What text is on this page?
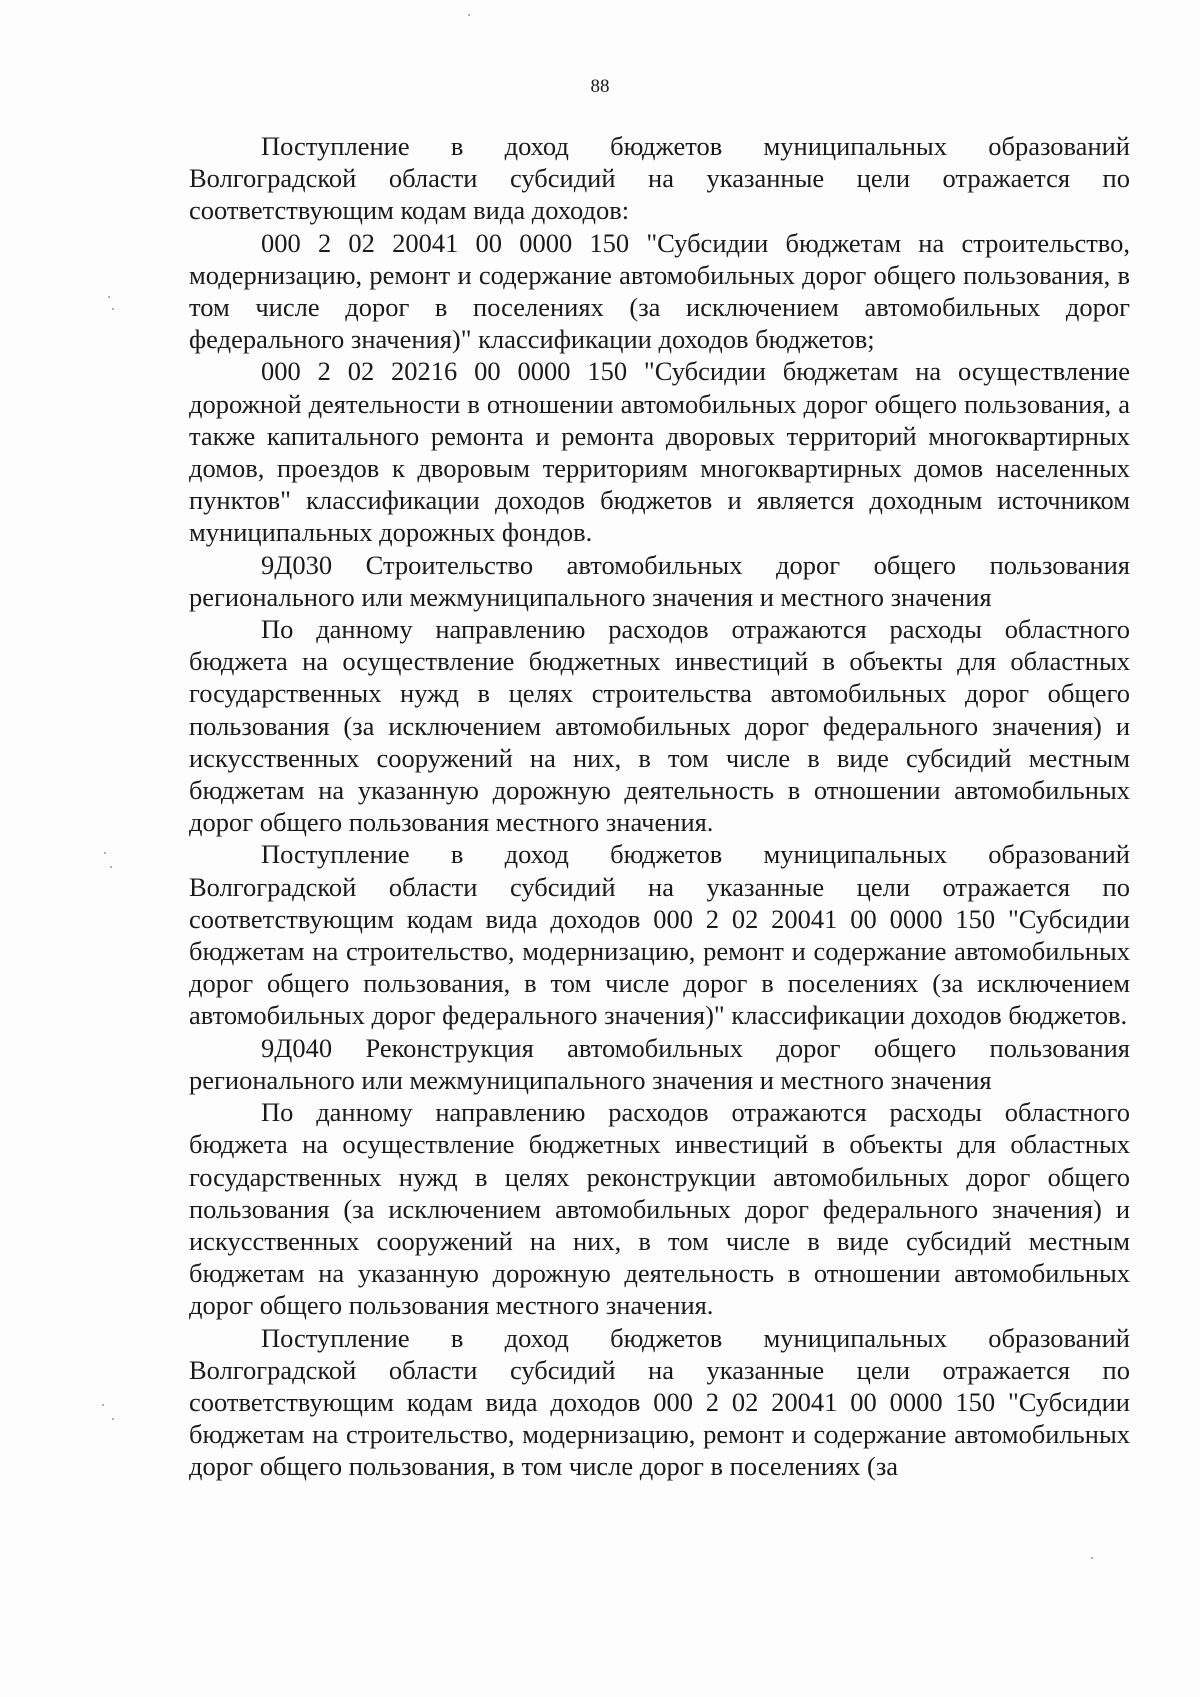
88

Поступление в доход бюджетов муниципальных образований Волгоградской области субсидий на указанные цели отражается по соответствующим кодам вида доходов:

000 2 02 20041 00 0000 150 "Субсидии бюджетам на строительство, модернизацию, ремонт и содержание автомобильных дорог общего пользования, в том числе дорог в поселениях (за исключением автомобильных дорог федерального значения)" классификации доходов бюджетов;

000 2 02 20216 00 0000 150 "Субсидии бюджетам на осуществление дорожной деятельности в отношении автомобильных дорог общего пользования, а также капитального ремонта и ремонта дворовых территорий многоквартирных домов, проездов к дворовым территориям многоквартирных домов населенных пунктов" классификации доходов бюджетов и является доходным источником муниципальных дорожных фондов.

9Д030 Строительство автомобильных дорог общего пользования регионального или межмуниципального значения и местного значения

По данному направлению расходов отражаются расходы областного бюджета на осуществление бюджетных инвестиций в объекты для областных государственных нужд в целях строительства автомобильных дорог общего пользования (за исключением автомобильных дорог федерального значения) и искусственных сооружений на них, в том числе в виде субсидий местным бюджетам на указанную дорожную деятельность в отношении автомобильных дорог общего пользования местного значения.

Поступление в доход бюджетов муниципальных образований Волгоградской области субсидий на указанные цели отражается по соответствующим кодам вида доходов 000 2 02 20041 00 0000 150 "Субсидии бюджетам на строительство, модернизацию, ремонт и содержание автомобильных дорог общего пользования, в том числе дорог в поселениях (за исключением автомобильных дорог федерального значения)" классификации доходов бюджетов.

9Д040 Реконструкция автомобильных дорог общего пользования регионального или межмуниципального значения и местного значения

По данному направлению расходов отражаются расходы областного бюджета на осуществление бюджетных инвестиций в объекты для областных государственных нужд в целях реконструкции автомобильных дорог общего пользования (за исключением автомобильных дорог федерального значения) и искусственных сооружений на них, в том числе в виде субсидий местным бюджетам на указанную дорожную деятельность в отношении автомобильных дорог общего пользования местного значения.

Поступление в доход бюджетов муниципальных образований Волгоградской области субсидий на указанные цели отражается по соответствующим кодам вида доходов 000 2 02 20041 00 0000 150 "Субсидии бюджетам на строительство, модернизацию, ремонт и содержание автомобильных дорог общего пользования, в том числе дорог в поселениях (за
